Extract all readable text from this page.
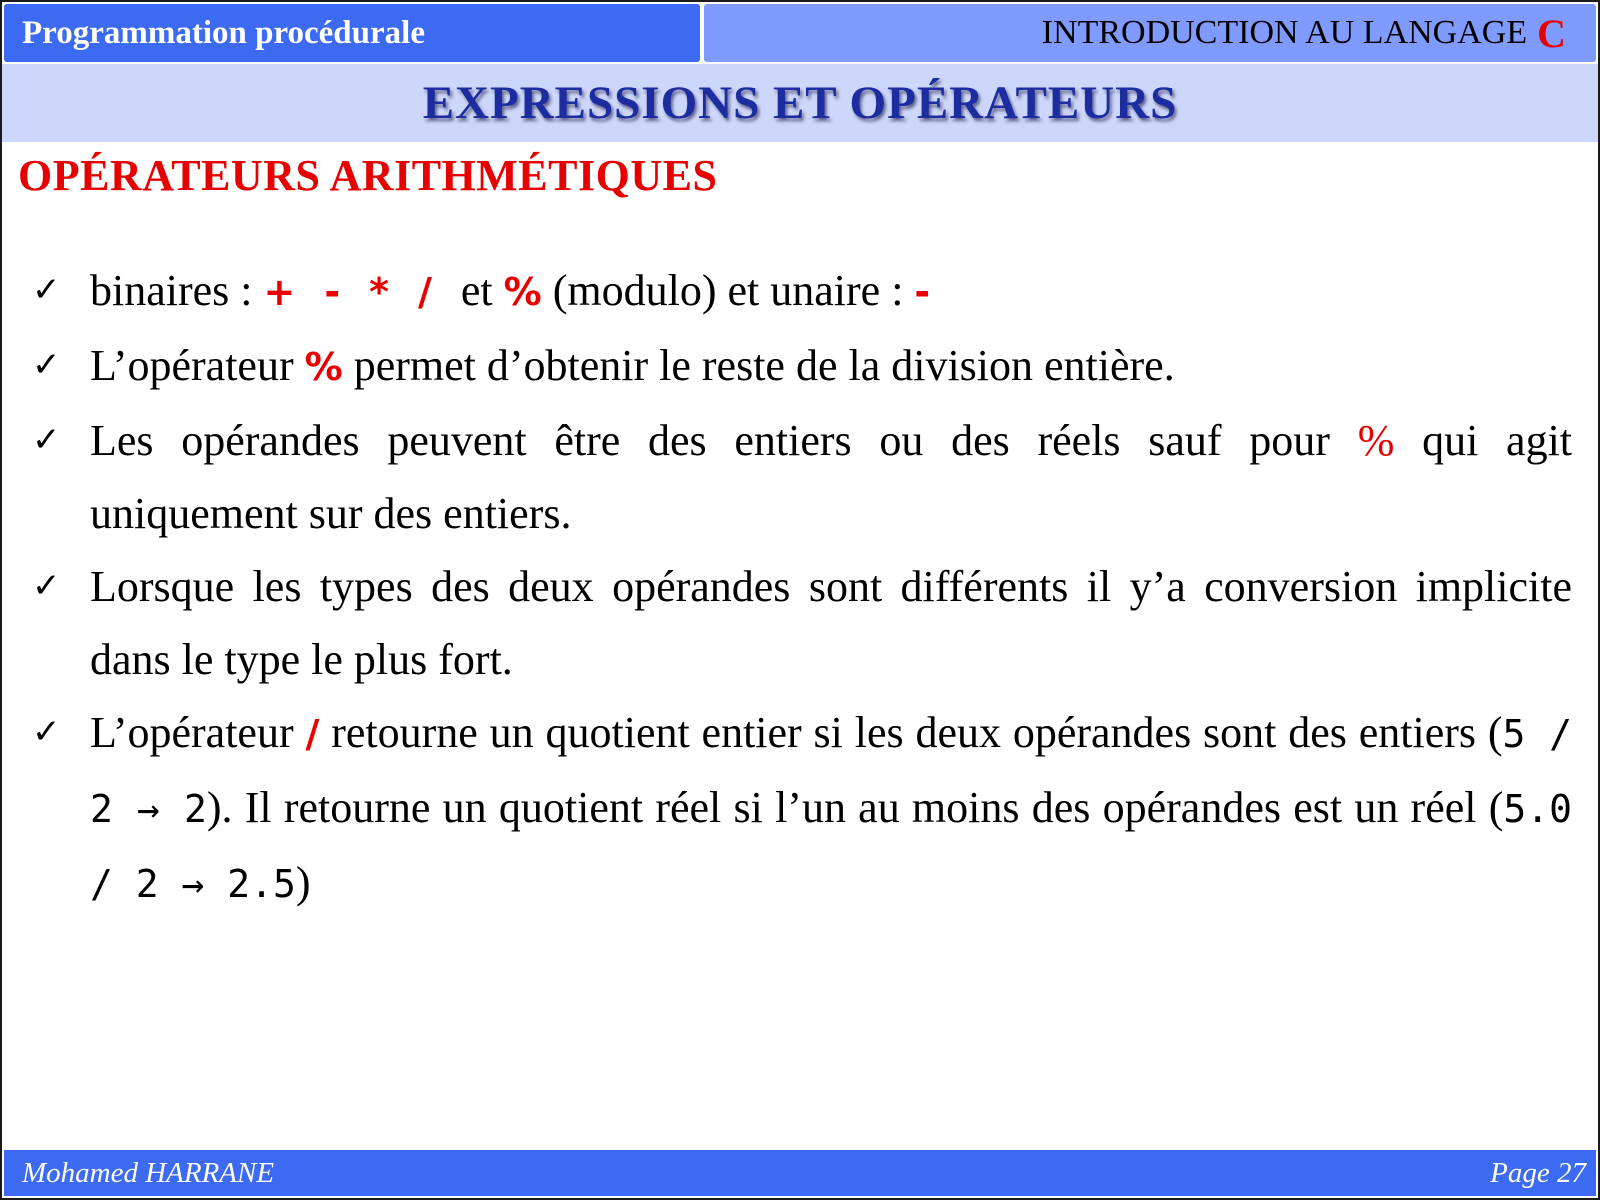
Programmation procédurale	INTRODUCTION AU LANGAGE C
EXPRESSIONS ET OPÉRATEURS
OPÉRATEURS ARITHMÉTIQUES
✓ binaires : + - * / et % (modulo) et unaire : -
✓ L’opérateur % permet d’obtenir le reste de la division entière.
✓ Les opérandes peuvent être des entiers ou des réels sauf pour % qui agit uniquement sur des entiers.
✓ Lorsque les types des deux opérandes sont différents il y’a conversion implicite dans le type le plus fort.
✓ L’opérateur / retourne un quotient entier si les deux opérandes sont des entiers (5 / 2 → 2). Il retourne un quotient réel si l’un au moins des opérandes est un réel (5.0 / 2 → 2.5)
Mohamed HARRANE	Page 27
